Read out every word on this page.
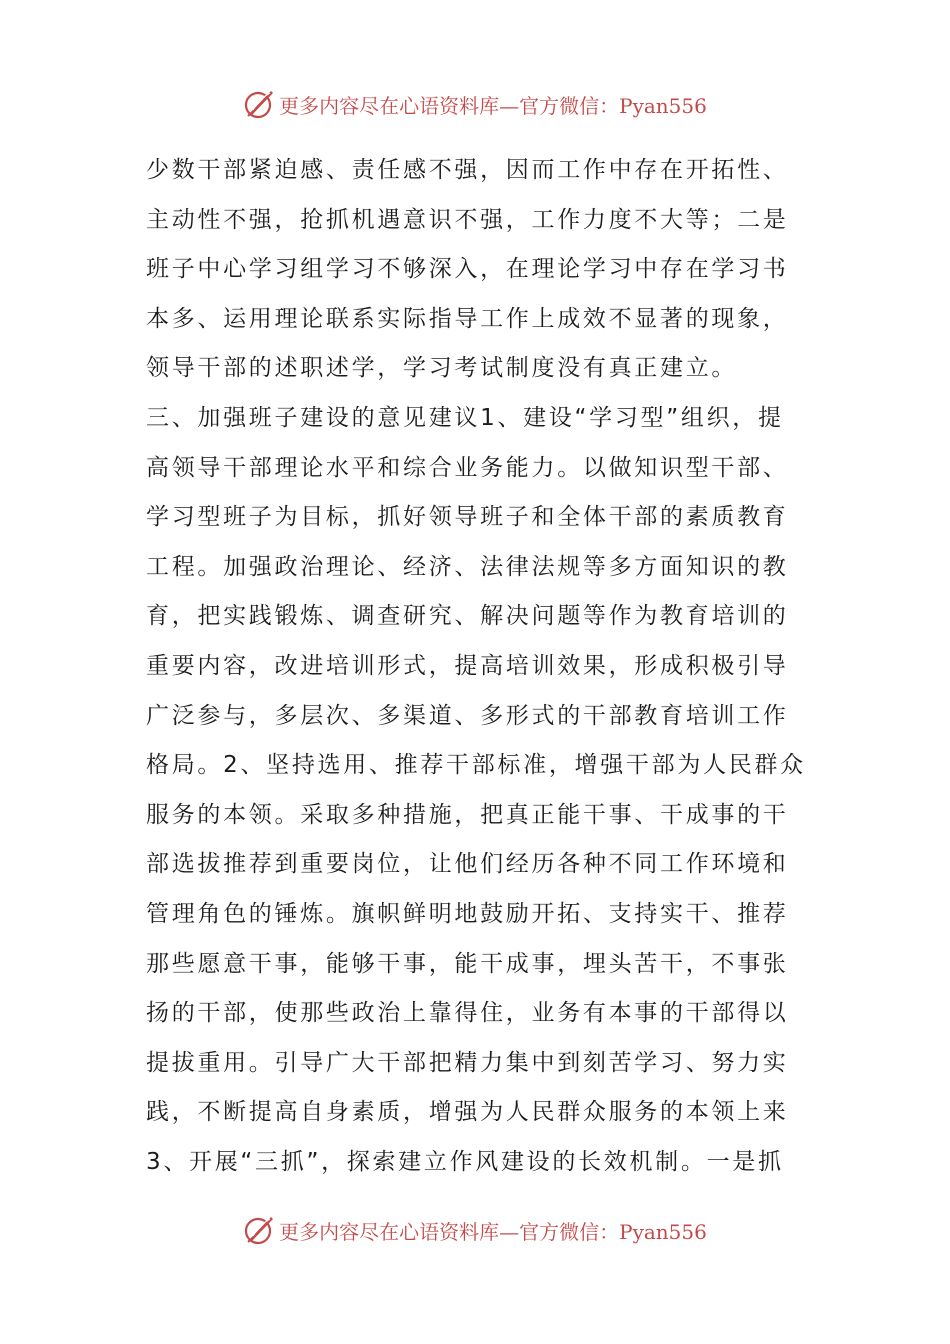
更多内容尽在心语资料库—官方微信：Pyan556
少数干部紧迫感、责任感不强，因而工作中存在开拓性、
主动性不强，抢抓机遇意识不强，工作力度不大等；二是
班子中心学习组学习不够深入，在理论学习中存在学习书
本多、运用理论联系实际指导工作上成效不显著的现象，
领导干部的述职述学，学习考试制度没有真正建立。
三、加强班子建设的意见建议1、建设“学习型”组织，提
高领导干部理论水平和综合业务能力。以做知识型干部、
学习型班子为目标，抓好领导班子和全体干部的素质教育
工程。加强政治理论、经济、法律法规等多方面知识的教
育，把实践锻炼、调查研究、解决问题等作为教育培训的
重要内容，改进培训形式，提高培训效果，形成积极引导
广泛参与，多层次、多渠道、多形式的干部教育培训工作
格局。2、坚持选用、推荐干部标准，增强干部为人民群众
服务的本领。采取多种措施，把真正能干事、干成事的干
部选拔推荐到重要岗位，让他们经历各种不同工作环境和
管理角色的锤炼。旗帜鲜明地鼓励开拓、支持实干、推荐
那些愿意干事，能够干事，能干成事，埋头苦干，不事张
扬的干部，使那些政治上靠得住，业务有本事的干部得以
提拔重用。引导广大干部把精力集中到刻苦学习、努力实
践，不断提高自身素质，增强为人民群众服务的本领上来
3、开展“三抓”，探索建立作风建设的长效机制。一是抓
更多内容尽在心语资料库—官方微信：Pyan556
